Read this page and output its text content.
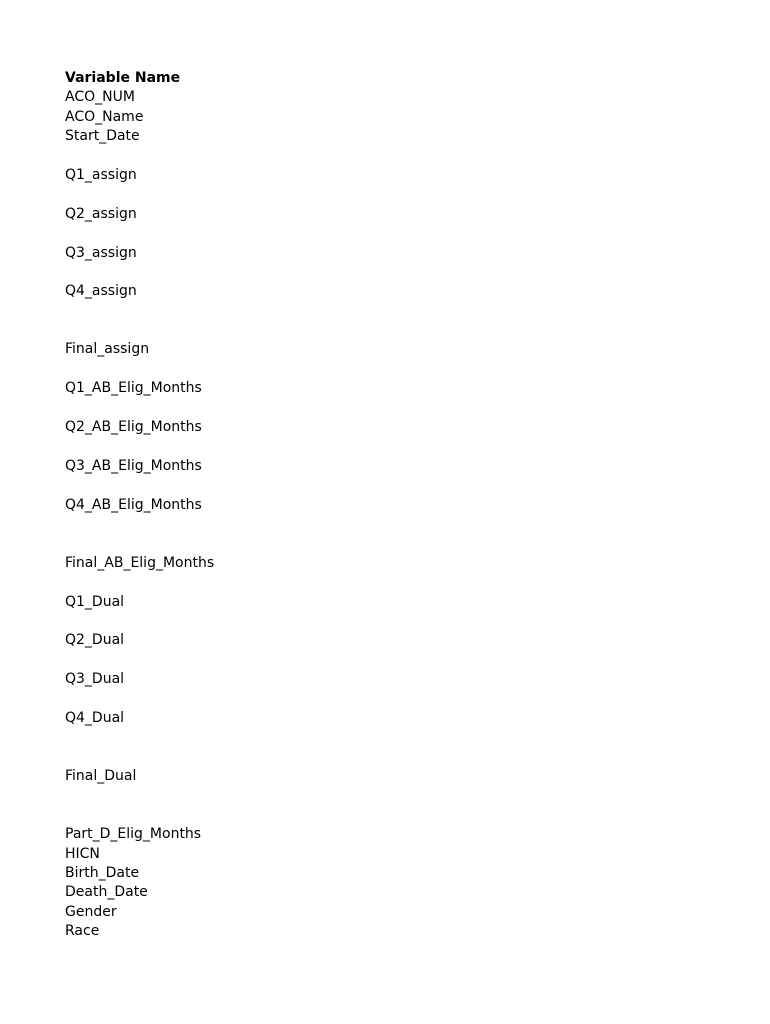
Variable Name
ACO_NUM
ACO_Name
Start_Date
Q1_assign
Q2_assign
Q3_assign
Q4_assign
Final_assign
Q1_AB_Elig_Months
Q2_AB_Elig_Months
Q3_AB_Elig_Months
Q4_AB_Elig_Months
Final_AB_Elig_Months
Q1_Dual
Q2_Dual
Q3_Dual
Q4_Dual
Final_Dual
Part_D_Elig_Months
HICN
Birth_Date
Death_Date
Gender
Race
